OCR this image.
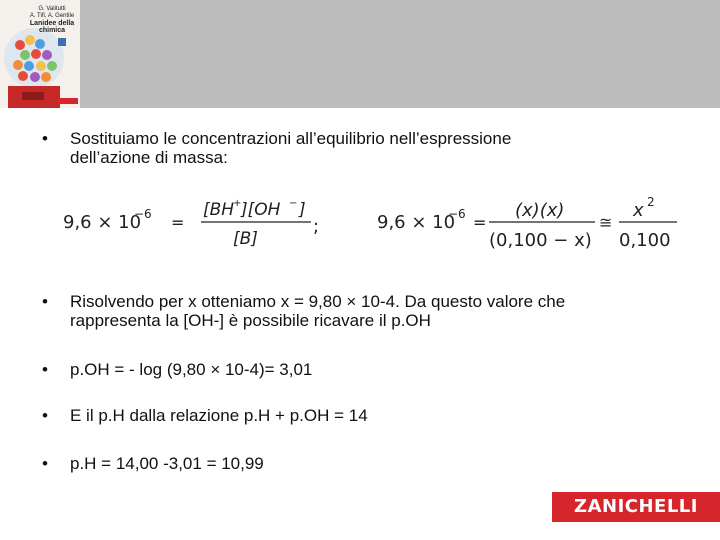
G. Valitutti
A. Tifi, A. Gentile
Lanidee della chimica
•	Sostituiamo le concentrazioni all’equilibrio nell’espressione
dell’azione di massa:
9,6 × 10
−6 =
[BH
+ ][OH − ]
[B]
;	9,6 × 10
−6 =
(x)(x)
(0,100 − x)
≅
x 2
0,100
•	Risolvendo per x otteniamo x = 9,80 × 10-4. Da questo valore che
rappresenta la [OH-] è possibile ricavare il p.OH
•	p.OH = - log (9,80 × 10-4)= 3,01
•	E il p.H dalla relazione p.H + p.OH = 14
•	p.H = 14,00 -3,01 = 10,99
ZANICHELLI
